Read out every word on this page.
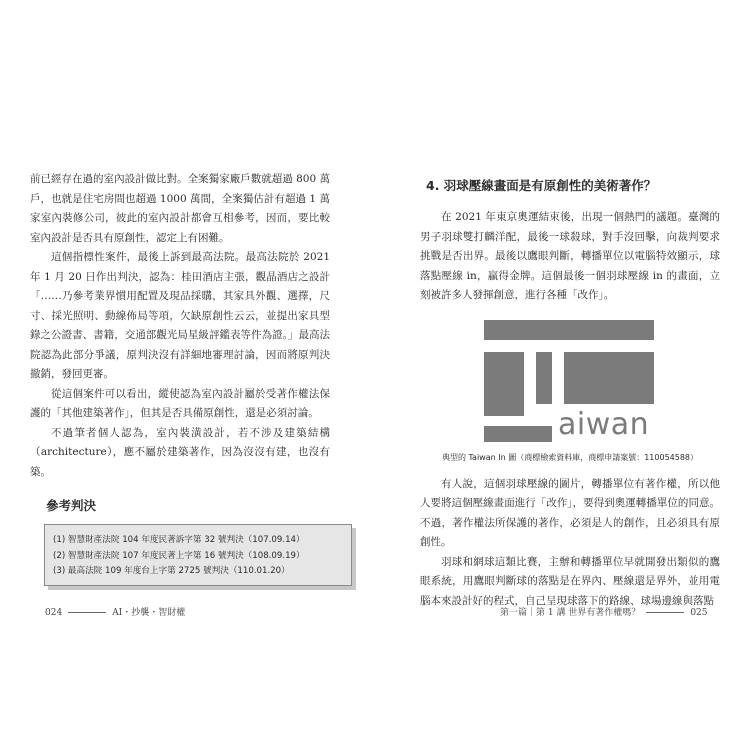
前已經存在過的室內設計做比對。全案獨家廠戶數就超過 800 萬戶，也就是住宅房間也超過 1000 萬間，全案獨估計有超過 1 萬家室內裝修公司，彼此的室內設計都會互相參考，因而，要比較室內設計是否具有原創性，認定上有困難。

這個指標性案件，最後上訴到最高法院。最高法院於 2021 年 1 月 20 日作出判決，認為：桂田酒店主張，觀晶酒店之設計「……乃參考業界慣用配置及現品採購，其家具外觀、選擇，尺寸、採光照明、動線佈局等項，欠缺原創性云云，並提出家具型錄之公證書、書籍，交通部觀光局星級評鑑表等件為證。」最高法院認為此部分爭議，原判決沒有詳細地審理討論，因而將原判決撤銷，發回更審。

從這個案件可以看出，縱使認為室內設計屬於受著作權法保護的「其他建築著作」，但其是否具備原創性，還是必須討論。

不過筆者個人認為，室內裝潢設計，若不涉及建築結構（architecture），應不屬於建築著作，因為沒沒有建，也沒有築。

參考判決
(1) 智慧財產法院 104 年度民著訴字第 32 號判決（107.09.14）
(2) 智慧財產法院 107 年度民著上字第 16 號判決（108.09.19）
(3) 最高法院 109 年度台上字第 2725 號判決（110.01.20）
024	AI・抄襲・智財權
4. 羽球壓線畫面是有原創性的美術著作？

在 2021 年東京奧運結束後，出現一個熱門的議題。臺灣的男子羽球雙打麟洋配，最後一球殺球，對手沒回擊，向裁判要求挑戰是否出界。最後以鷹眼判斷，轉播單位以電腦特效顯示，球落點壓線 in，贏得金牌。這個最後一個羽球壓線 in 的畫面，立刻被許多人發揮創意，進行各種「改作」。

aiwan
典型的 Taiwan In 圖（商標檢索資料庫，商標申請案號：110054588）

有人說，這個羽球壓線的圖片，轉播單位有著作權，所以他人要將這個壓線畫面進行「改作」，要得到奧運轉播單位的同意。不過，著作權法所保護的著作，必須是人的創作，且必須具有原創性。

羽球和網球這類比賽，主辦和轉播單位早就開發出類似的鷹眼系統，用鷹眼判斷球的落點是在界內、壓線還是界外，並用電腦本來設計好的程式，自己呈現球落下的路線、球場邊線與落點

第一篇｜第 1 講 世界有著作權嗎？	025
